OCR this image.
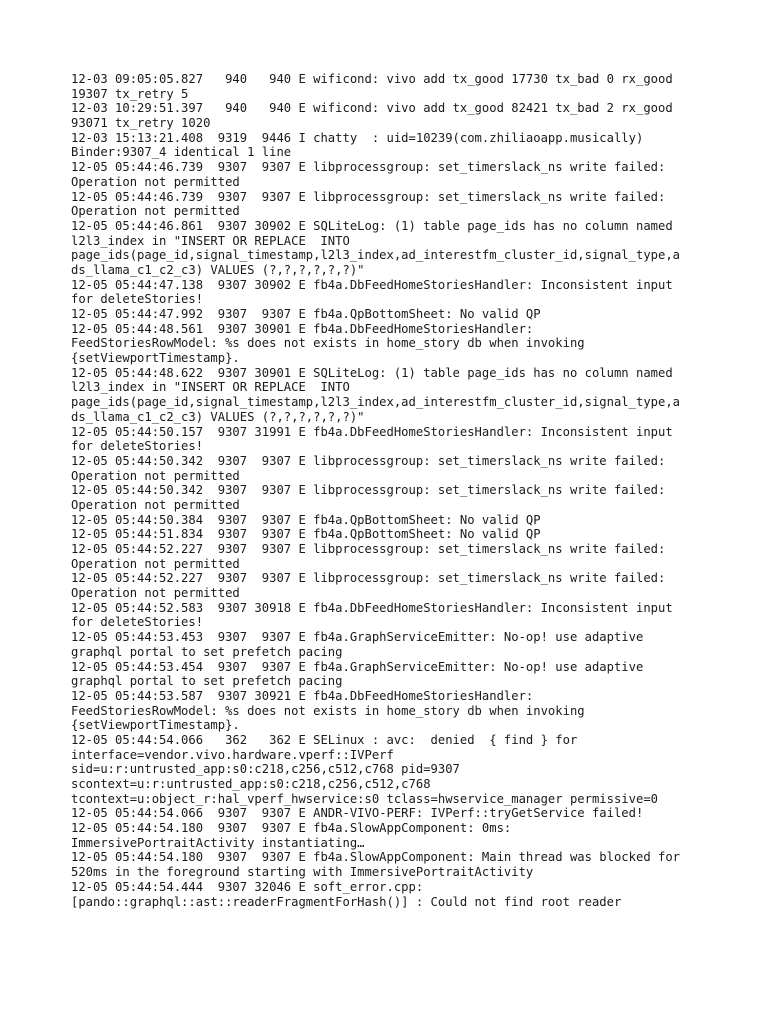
12-03 09:05:05.827   940   940 E wificond: vivo add tx_good 17730 tx_bad 0 rx_good
19307 tx_retry 5
12-03 10:29:51.397   940   940 E wificond: vivo add tx_good 82421 tx_bad 2 rx_good
93071 tx_retry 1020
12-03 15:13:21.408  9319  9446 I chatty  : uid=10239(com.zhiliaoapp.musically)
Binder:9307_4 identical 1 line
12-05 05:44:46.739  9307  9307 E libprocessgroup: set_timerslack_ns write failed:
Operation not permitted
12-05 05:44:46.739  9307  9307 E libprocessgroup: set_timerslack_ns write failed:
Operation not permitted
12-05 05:44:46.861  9307 30902 E SQLiteLog: (1) table page_ids has no column named
l2l3_index in "INSERT OR REPLACE  INTO
page_ids(page_id,signal_timestamp,l2l3_index,ad_interestfm_cluster_id,signal_type,a
ds_llama_c1_c2_c3) VALUES (?,?,?,?,?,?)"
12-05 05:44:47.138  9307 30902 E fb4a.DbFeedHomeStoriesHandler: Inconsistent input
for deleteStories!
12-05 05:44:47.992  9307  9307 E fb4a.QpBottomSheet: No valid QP
12-05 05:44:48.561  9307 30901 E fb4a.DbFeedHomeStoriesHandler:
FeedStoriesRowModel: %s does not exists in home_story db when invoking
{setViewportTimestamp}.
12-05 05:44:48.622  9307 30901 E SQLiteLog: (1) table page_ids has no column named
l2l3_index in "INSERT OR REPLACE  INTO
page_ids(page_id,signal_timestamp,l2l3_index,ad_interestfm_cluster_id,signal_type,a
ds_llama_c1_c2_c3) VALUES (?,?,?,?,?,?)"
12-05 05:44:50.157  9307 31991 E fb4a.DbFeedHomeStoriesHandler: Inconsistent input
for deleteStories!
12-05 05:44:50.342  9307  9307 E libprocessgroup: set_timerslack_ns write failed:
Operation not permitted
12-05 05:44:50.342  9307  9307 E libprocessgroup: set_timerslack_ns write failed:
Operation not permitted
12-05 05:44:50.384  9307  9307 E fb4a.QpBottomSheet: No valid QP
12-05 05:44:51.834  9307  9307 E fb4a.QpBottomSheet: No valid QP
12-05 05:44:52.227  9307  9307 E libprocessgroup: set_timerslack_ns write failed:
Operation not permitted
12-05 05:44:52.227  9307  9307 E libprocessgroup: set_timerslack_ns write failed:
Operation not permitted
12-05 05:44:52.583  9307 30918 E fb4a.DbFeedHomeStoriesHandler: Inconsistent input
for deleteStories!
12-05 05:44:53.453  9307  9307 E fb4a.GraphServiceEmitter: No-op! use adaptive
graphql portal to set prefetch pacing
12-05 05:44:53.454  9307  9307 E fb4a.GraphServiceEmitter: No-op! use adaptive
graphql portal to set prefetch pacing
12-05 05:44:53.587  9307 30921 E fb4a.DbFeedHomeStoriesHandler:
FeedStoriesRowModel: %s does not exists in home_story db when invoking
{setViewportTimestamp}.
12-05 05:44:54.066   362   362 E SELinux : avc:  denied  { find } for
interface=vendor.vivo.hardware.vperf::IVPerf
sid=u:r:untrusted_app:s0:c218,c256,c512,c768 pid=9307
scontext=u:r:untrusted_app:s0:c218,c256,c512,c768
tcontext=u:object_r:hal_vperf_hwservice:s0 tclass=hwservice_manager permissive=0
12-05 05:44:54.066  9307  9307 E ANDR-VIVO-PERF: IVPerf::tryGetService failed!
12-05 05:44:54.180  9307  9307 E fb4a.SlowAppComponent: 0ms:
ImmersivePortraitActivity instantiating…
12-05 05:44:54.180  9307  9307 E fb4a.SlowAppComponent: Main thread was blocked for
520ms in the foreground starting with ImmersivePortraitActivity
12-05 05:44:54.444  9307 32046 E soft_error.cpp:
[pando::graphql::ast::readerFragmentForHash()] : Could not find root reader
